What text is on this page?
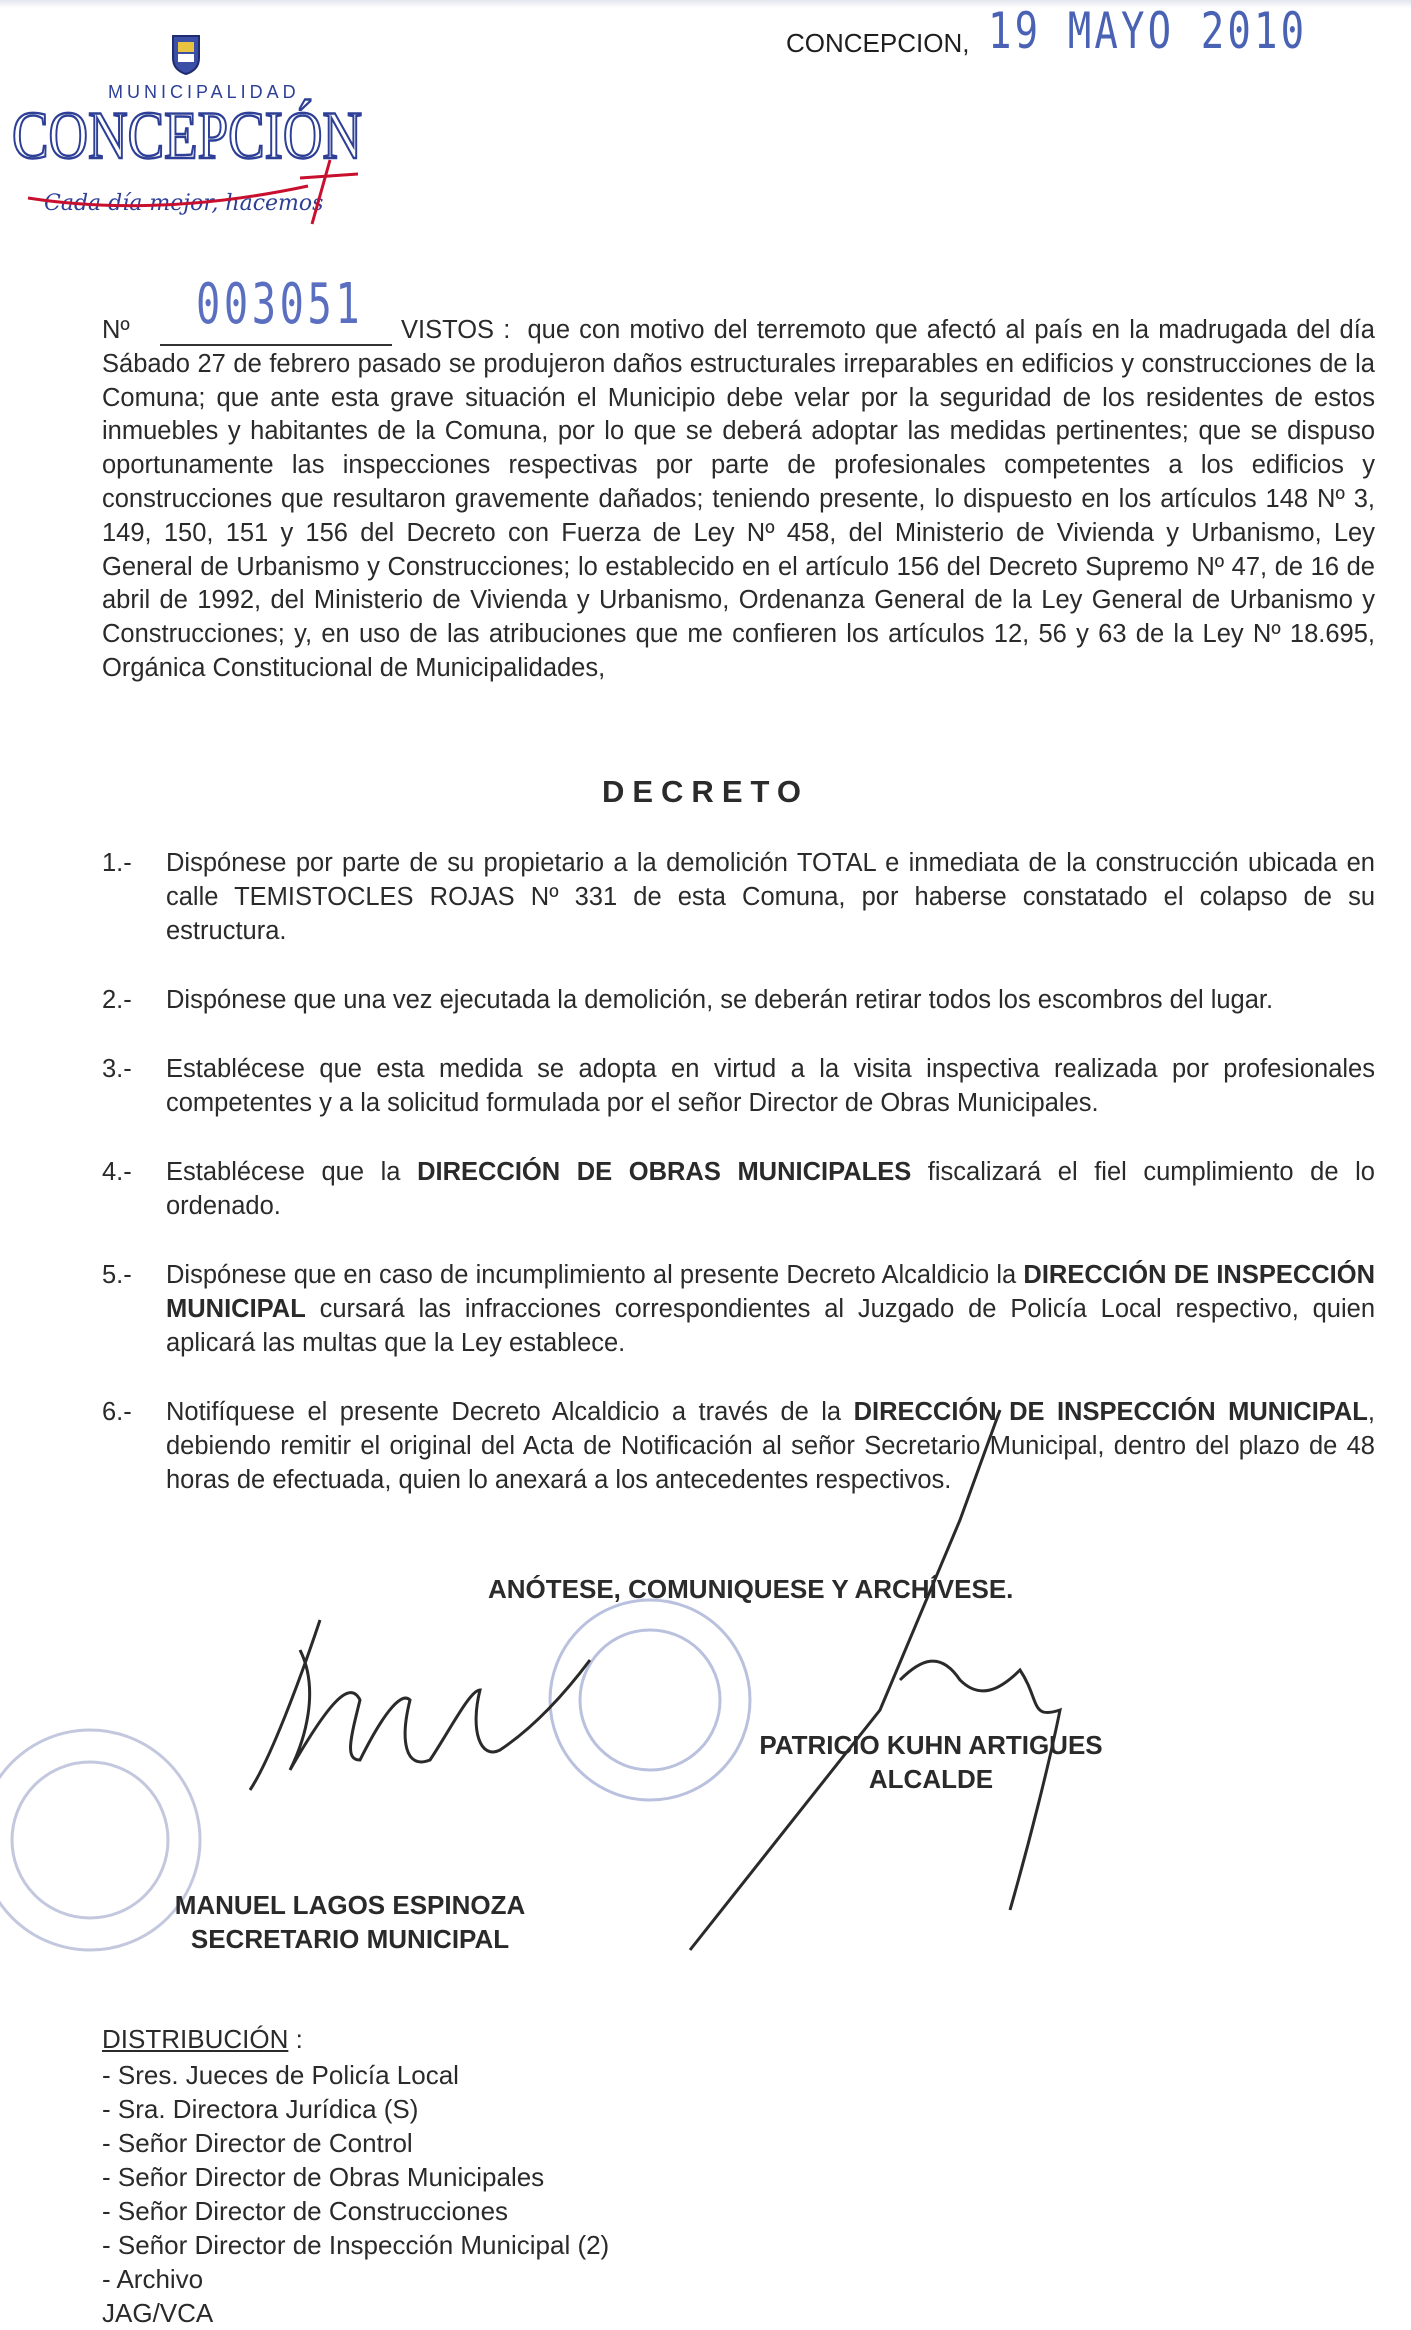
MUNICIPALIDAD
CONCEPCIÓN
Cada día mejor, hacemos
CONCEPCION, 19 MAYO 2010
003051
Nº	VISTOS : que con motivo del terremoto que afectó al país en la madrugada del día Sábado 27 de febrero pasado se produjeron daños estructurales irreparables en edificios y construcciones de la Comuna; que ante esta grave situación el Municipio debe velar por la seguridad de los residentes de estos inmuebles y habitantes de la Comuna, por lo que se deberá adoptar las medidas pertinentes; que se dispuso oportunamente las inspecciones respectivas por parte de profesionales competentes a los edificios y construcciones que resultaron gravemente dañados; teniendo presente, lo dispuesto en los artículos 148 Nº 3, 149, 150, 151 y 156 del Decreto con Fuerza de Ley Nº 458, del Ministerio de Vivienda y Urbanismo, Ley General de Urbanismo y Construcciones; lo establecido en el artículo 156 del Decreto Supremo Nº 47, de 16 de abril de 1992, del Ministerio de Vivienda y Urbanismo, Ordenanza General de la Ley General de Urbanismo y Construcciones; y, en uso de las atribuciones que me confieren los artículos 12, 56 y 63 de la Ley Nº 18.695, Orgánica Constitucional de Municipalidades,
DECRETO
1.-	Dispónese por parte de su propietario a la demolición TOTAL e inmediata de la construcción ubicada en calle TEMISTOCLES ROJAS Nº 331 de esta Comuna, por haberse constatado el colapso de su estructura.
2.-	Dispónese que una vez ejecutada la demolición, se deberán retirar todos los escombros del lugar.
3.-	Establécese que esta medida se adopta en virtud a la visita inspectiva realizada por profesionales competentes y a la solicitud formulada por el señor Director de Obras Municipales.
4.-	Establécese que la DIRECCIÓN DE OBRAS MUNICIPALES fiscalizará el fiel cumplimiento de lo ordenado.
5.-	Dispónese que en caso de incumplimiento al presente Decreto Alcaldicio la DIRECCIÓN DE INSPECCIÓN MUNICIPAL cursará las infracciones correspondientes al Juzgado de Policía Local respectivo, quien aplicará las multas que la Ley establece.
6.-	Notifíquese el presente Decreto Alcaldicio a través de la DIRECCIÓN DE INSPECCIÓN MUNICIPAL, debiendo remitir el original del Acta de Notificación al señor Secretario Municipal, dentro del plazo de 48 horas de efectuada, quien lo anexará a los antecedentes respectivos.
ANÓTESE, COMUNIQUESE Y ARCHÍVESE.
PATRICIO KUHN ARTIGUES
ALCALDE
MANUEL LAGOS ESPINOZA
SECRETARIO MUNICIPAL
DISTRIBUCIÓN :
- Sres. Jueces de Policía Local
- Sra. Directora Jurídica (S)
- Señor Director de Control
- Señor Director de Obras Municipales
- Señor Director de Construcciones
- Señor Director de Inspección Municipal (2)
- Archivo
JAG/VCA
